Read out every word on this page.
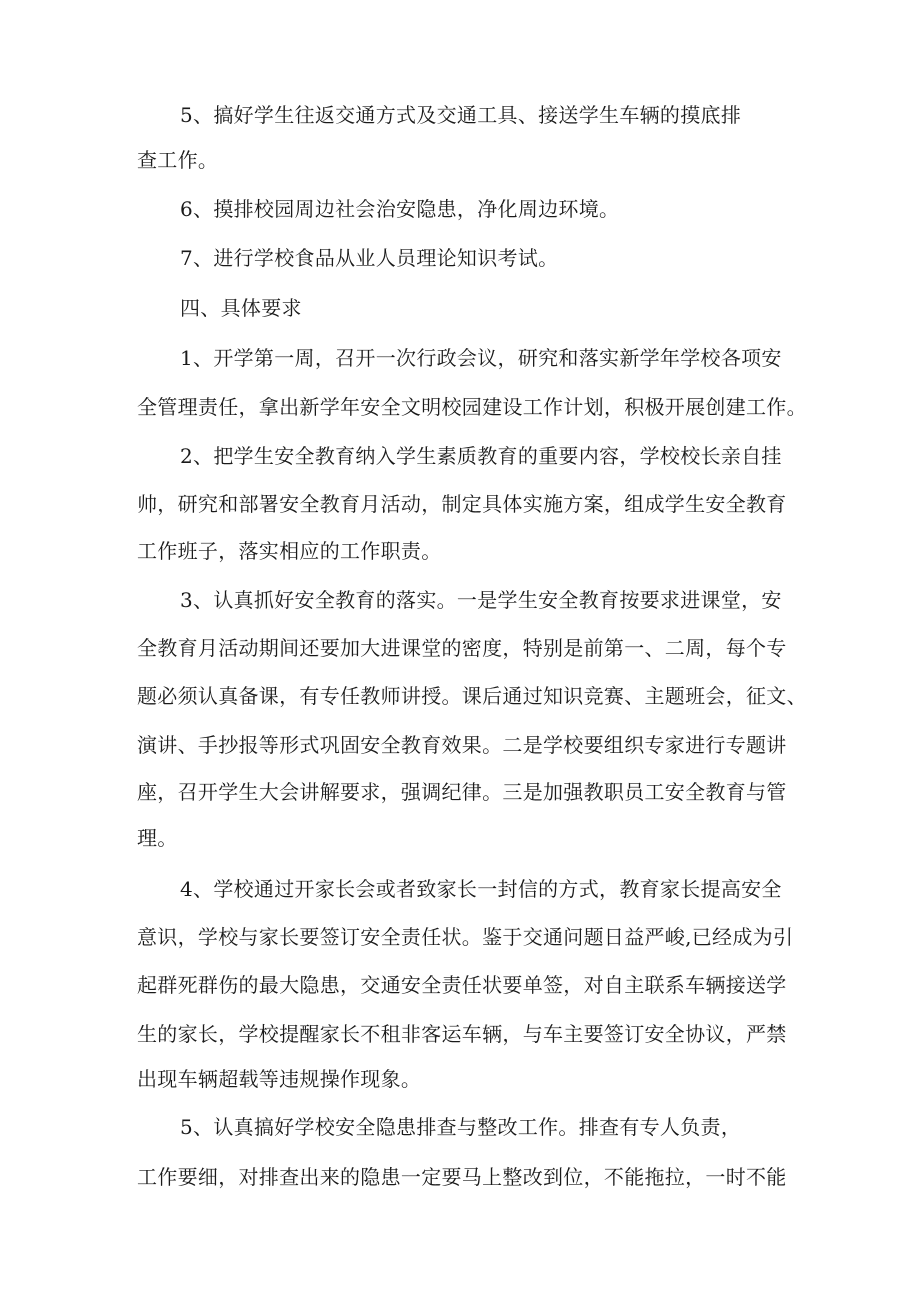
5、搞好学生往返交通方式及交通工具、接送学生车辆的摸底排
查工作。
6、摸排校园周边社会治安隐患，净化周边环境。
7、进行学校食品从业人员理论知识考试。
四、具体要求
1、开学第一周，召开一次行政会议，研究和落实新学年学校各项安
全管理责任，拿出新学年安全文明校园建设工作计划，积极开展创建工作。
2、把学生安全教育纳入学生素质教育的重要内容，学校校长亲自挂
帅，研究和部署安全教育月活动，制定具体实施方案，组成学生安全教育
工作班子，落实相应的工作职责。
3、认真抓好安全教育的落实。一是学生安全教育按要求进课堂，安
全教育月活动期间还要加大进课堂的密度，特别是前第一、二周，每个专
题必须认真备课，有专任教师讲授。课后通过知识竞赛、主题班会，征文、
演讲、手抄报等形式巩固安全教育效果。二是学校要组织专家进行专题讲
座，召开学生大会讲解要求，强调纪律。三是加强教职员工安全教育与管
理。
4、学校通过开家长会或者致家长一封信的方式，教育家长提高安全
意识，学校与家长要签订安全责任状。鉴于交通问题日益严峻,已经成为引
起群死群伤的最大隐患，交通安全责任状要单签，对自主联系车辆接送学
生的家长，学校提醒家长不租非客运车辆，与车主要签订安全协议，严禁
出现车辆超载等违规操作现象。
5、认真搞好学校安全隐患排查与整改工作。排查有专人负责，
工作要细，对排查出来的隐患一定要马上整改到位，不能拖拉，一时不能
